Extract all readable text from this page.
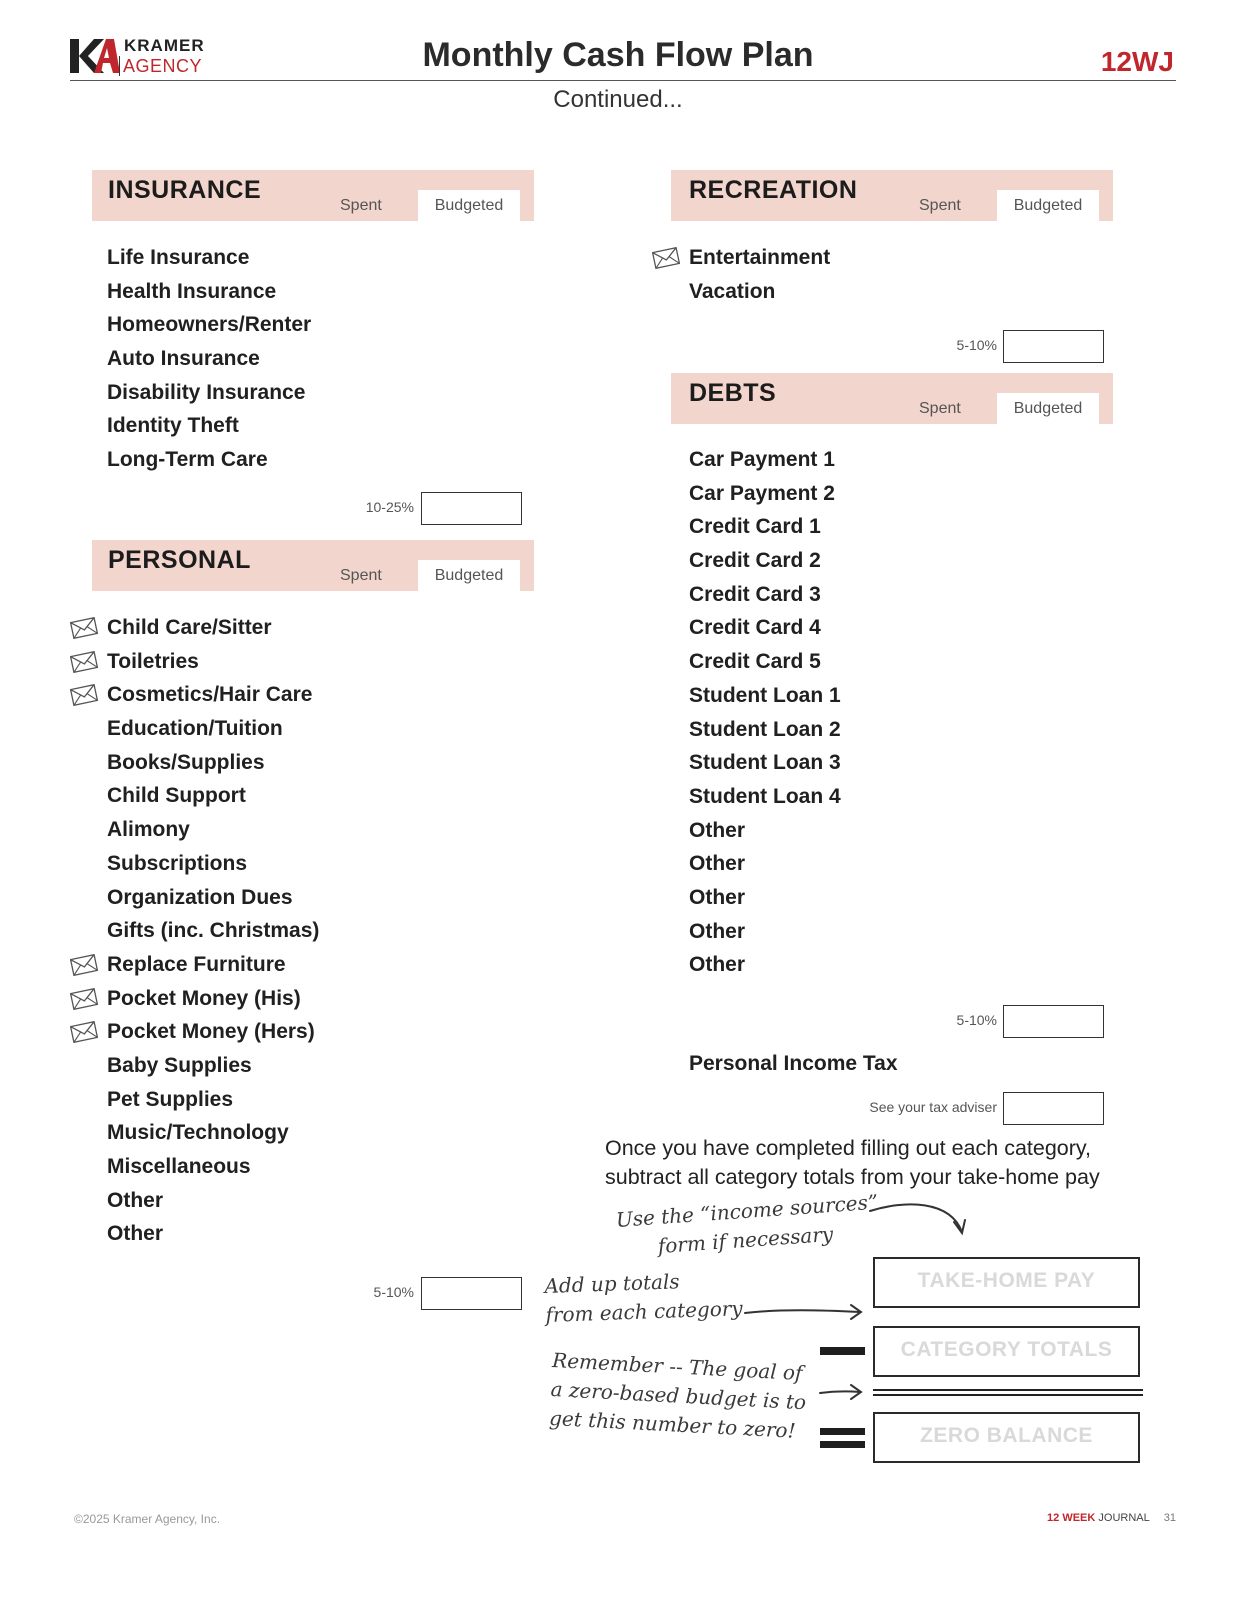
KRAMER
AGENCY	Monthly Cash Flow Plan	12WJ
Continued...
INSURANCE
Spent	Budgeted
Life Insurance
Health Insurance
Homeowners/Renter
Auto Insurance
Disability Insurance
Identity Theft
Long-Term Care
10-25%
PERSONAL
Spent	Budgeted
Child Care/Sitter
Toiletries
Cosmetics/Hair Care
Education/Tuition
Books/Supplies
Child Support
Alimony
Subscriptions
Organization Dues
Gifts (inc. Christmas)
Replace Furniture
Pocket Money (His)
Pocket Money (Hers)
Baby Supplies
Pet Supplies
Music/Technology
Miscellaneous
Other
Other
5-10%
RECREATION
Spent	Budgeted
Entertainment
Vacation
5-10%
DEBTS
Spent	Budgeted
Car Payment 1
Car Payment 2
Credit Card 1
Credit Card 2
Credit Card 3
Credit Card 4
Credit Card 5
Student Loan 1
Student Loan 2
Student Loan 3
Student Loan 4
Other
Other
Other
Other
Other
5-10%
Personal Income Tax
See your tax adviser
Once you have completed filling out each category,
subtract all category totals from your take-home pay
Use the “income sources”
form if necessary
Add up totals
from each category
Remember -- The goal of
a zero-based budget is to
get this number to zero!
TAKE-HOME PAY
CATEGORY TOTALS
ZERO BALANCE
©2025 Kramer Agency, Inc.	12 WEEK JOURNAL 31
